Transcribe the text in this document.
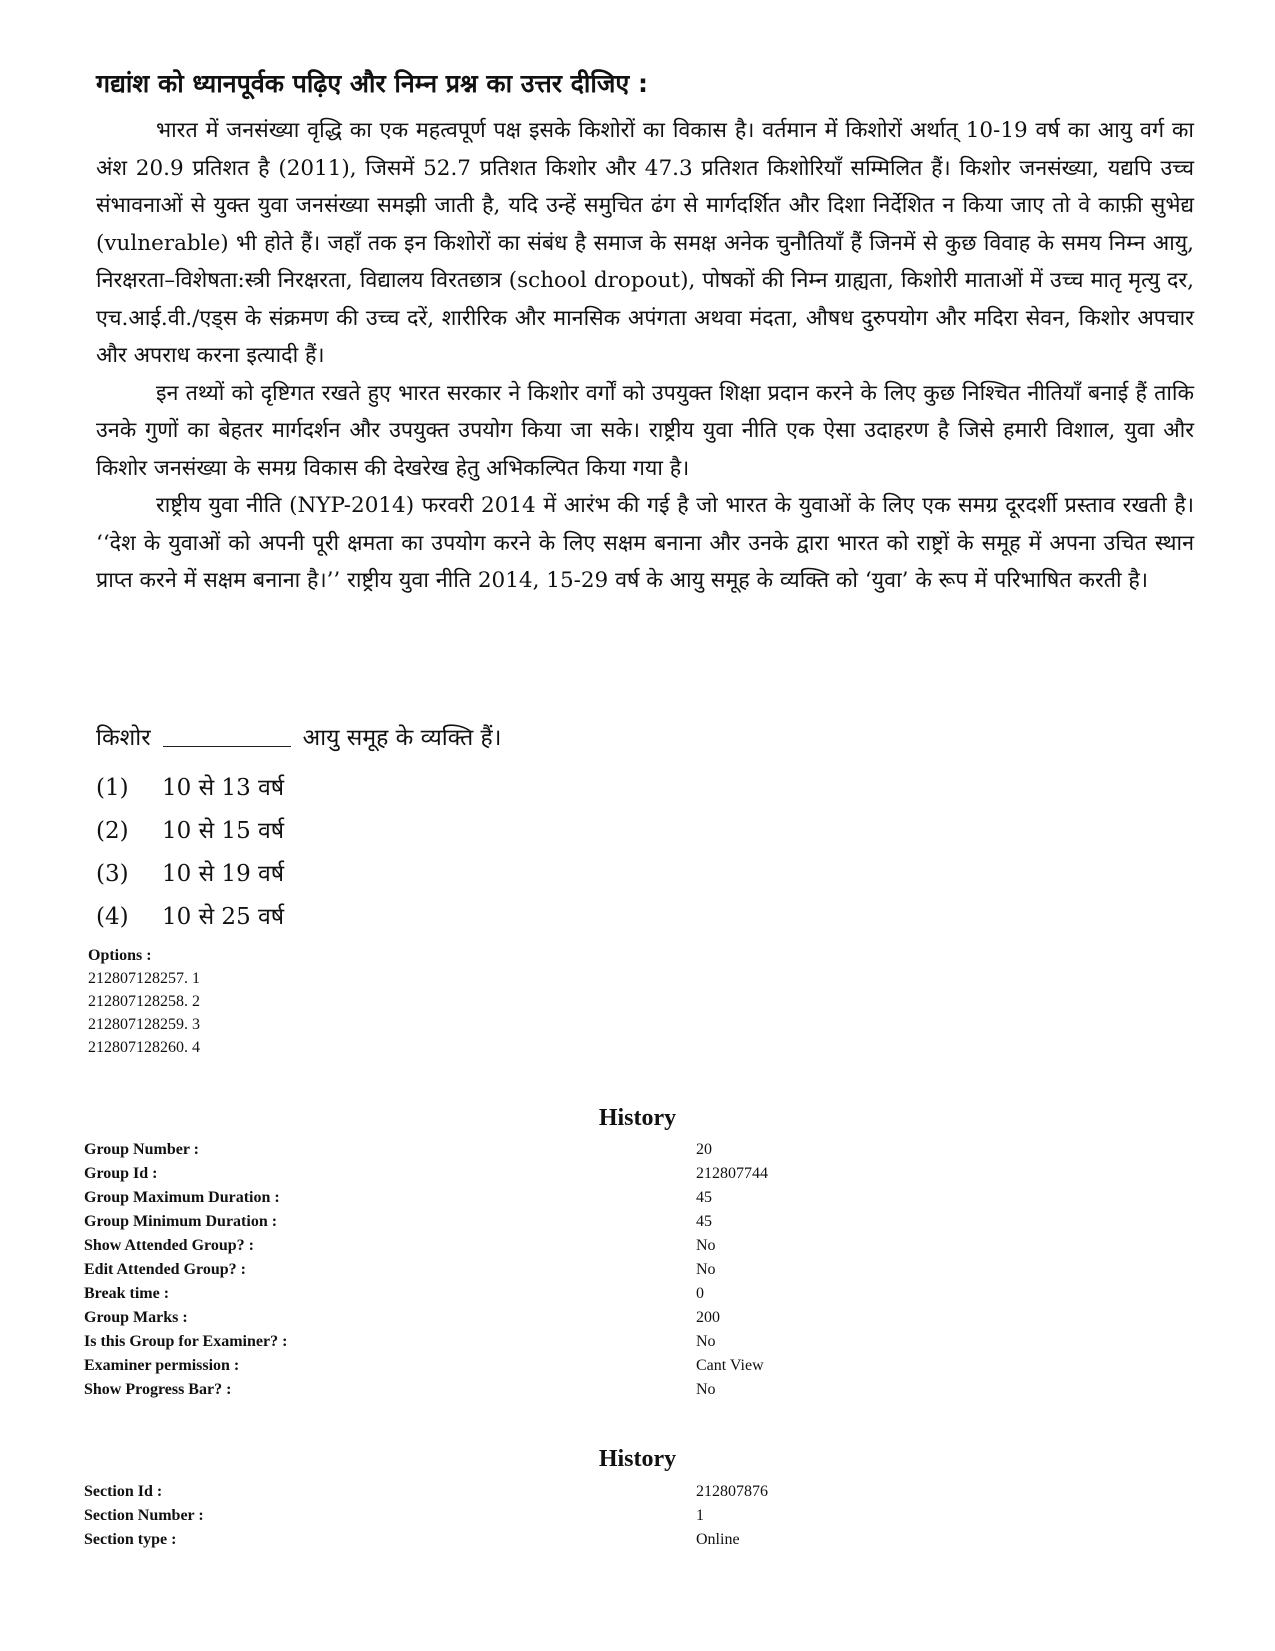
गद्यांश को ध्यानपूर्वक पढ़िए और निम्न प्रश्न का उत्तर दीजिए :

भारत में जनसंख्या वृद्धि का एक महत्वपूर्ण पक्ष इसके किशोरों का विकास है। वर्तमान में किशोरों अर्थात् 10-19 वर्ष का आयु वर्ग का अंश 20.9 प्रतिशत है (2011), जिसमें 52.7 प्रतिशत किशोर और 47.3 प्रतिशत किशोरियाँ सम्मिलित हैं। किशोर जनसंख्या, यद्यपि उच्च संभावनाओं से युक्त युवा जनसंख्या समझी जाती है, यदि उन्हें समुचित ढंग से मार्गदर्शित और दिशा निर्देशित न किया जाए तो वे काफ़ी सुभेद्य (vulnerable) भी होते हैं। जहाँ तक इन किशोरों का संबंध है समाज के समक्ष अनेक चुनौतियाँ हैं जिनमें से कुछ विवाह के समय निम्न आयु, निरक्षरता–विशेषता:स्त्री निरक्षरता, विद्यालय विरतछात्र (school dropout), पोषकों की निम्न ग्राह्यता, किशोरी माताओं में उच्च मातृ मृत्यु दर, एच.आई.वी./एड्स के संक्रमण की उच्च दरें, शारीरिक और मानसिक अपंगता अथवा मंदता, औषध दुरुपयोग और मदिरा सेवन, किशोर अपचार और अपराध करना इत्यादी हैं।

इन तथ्यों को दृष्टिगत रखते हुए भारत सरकार ने किशोर वर्गों को उपयुक्त शिक्षा प्रदान करने के लिए कुछ निश्चित नीतियाँ बनाई हैं ताकि उनके गुणों का बेहतर मार्गदर्शन और उपयुक्त उपयोग किया जा सके। राष्ट्रीय युवा नीति एक ऐसा उदाहरण है जिसे हमारी विशाल, युवा और किशोर जनसंख्या के समग्र विकास की देखरेख हेतु अभिकल्पित किया गया है।

राष्ट्रीय युवा नीति (NYP-2014) फरवरी 2014 में आरंभ की गई है जो भारत के युवाओं के लिए एक समग्र दूरदर्शी प्रस्ताव रखती है। ‘‘देश के युवाओं को अपनी पूरी क्षमता का उपयोग करने के लिए सक्षम बनाना और उनके द्वारा भारत को राष्ट्रों के समूह में अपना उचित स्थान प्राप्त करने में सक्षम बनाना है।’’ राष्ट्रीय युवा नीति 2014, 15-29 वर्ष के आयु समूह के व्यक्ति को ‘युवा’ के रूप में परिभाषित करती है।

किशोर	आयु समूह के व्यक्ति हैं।
(1) 10 से 13 वर्ष
(2) 10 से 15 वर्ष
(3) 10 से 19 वर्ष
(4) 10 से 25 वर्ष
Options :
212807128257. 1
212807128258. 2
212807128259. 3
212807128260. 4
History
Group Number :	20
Group Id :	212807744
Group Maximum Duration :	45
Group Minimum Duration :	45
Show Attended Group? :	No
Edit Attended Group? :	No
Break time :	0
Group Marks :	200
Is this Group for Examiner? :	No
Examiner permission :	Cant View
Show Progress Bar? :	No
History
Section Id :	212807876
Section Number :	1
Section type :	Online
